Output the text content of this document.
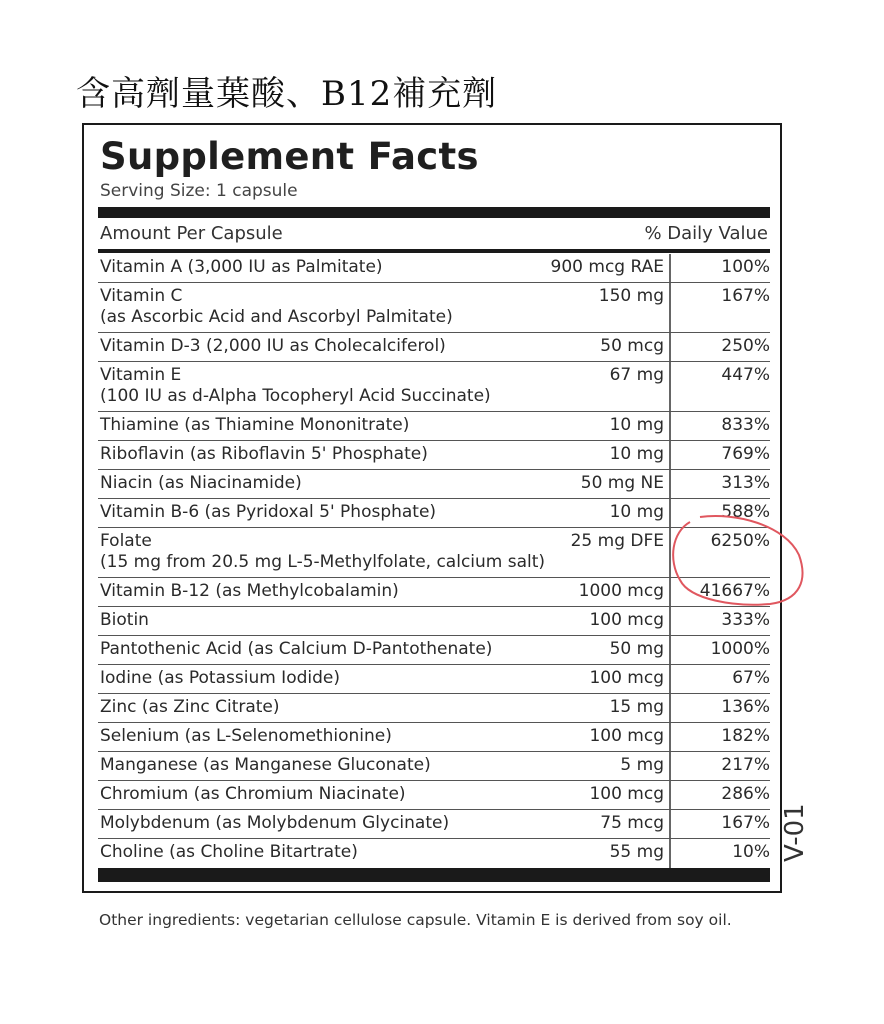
含高劑量葉酸、B12補充劑
Supplement Facts
Serving Size: 1 capsule
Amount Per Capsule	% Daily Value
Vitamin A (3,000 IU as Palmitate)	900 mcg RAE	100%
Vitamin C
(as Ascorbic Acid and Ascorbyl Palmitate)
150 mg	167%
Vitamin D-3 (2,000 IU as Cholecalciferol)	50 mcg	250%
Vitamin E
(100 IU as d-Alpha Tocopheryl Acid Succinate)
67 mg	447%
Thiamine (as Thiamine Mononitrate)	10 mg	833%
Riboflavin (as Riboflavin 5' Phosphate)	10 mg	769%
Niacin (as Niacinamide)	50 mg NE	313%
Vitamin B-6 (as Pyridoxal 5' Phosphate)	10 mg	588%
Folate
(15 mg from 20.5 mg L-5-Methylfolate, calcium salt)
25 mg DFE	6250%
Vitamin B-12 (as Methylcobalamin)	1000 mcg 41667%
Biotin	100 mcg	333%
Pantothenic Acid (as Calcium D-Pantothenate)	50 mg	1000%
Iodine (as Potassium Iodide)	100 mcg	67%
Zinc (as Zinc Citrate)	15 mg	136%
Selenium (as L-Selenomethionine)	100 mcg	182%
Manganese (as Manganese Gluconate)	5 mg	217%
Chromium (as Chromium Niacinate)	100 mcg	286%
Molybdenum (as Molybdenum Glycinate)	75 mcg	167%
Choline (as Choline Bitartrate)	55 mg	10%
Other ingredients: vegetarian cellulose capsule. Vitamin E is derived from soy oil.
V-01
